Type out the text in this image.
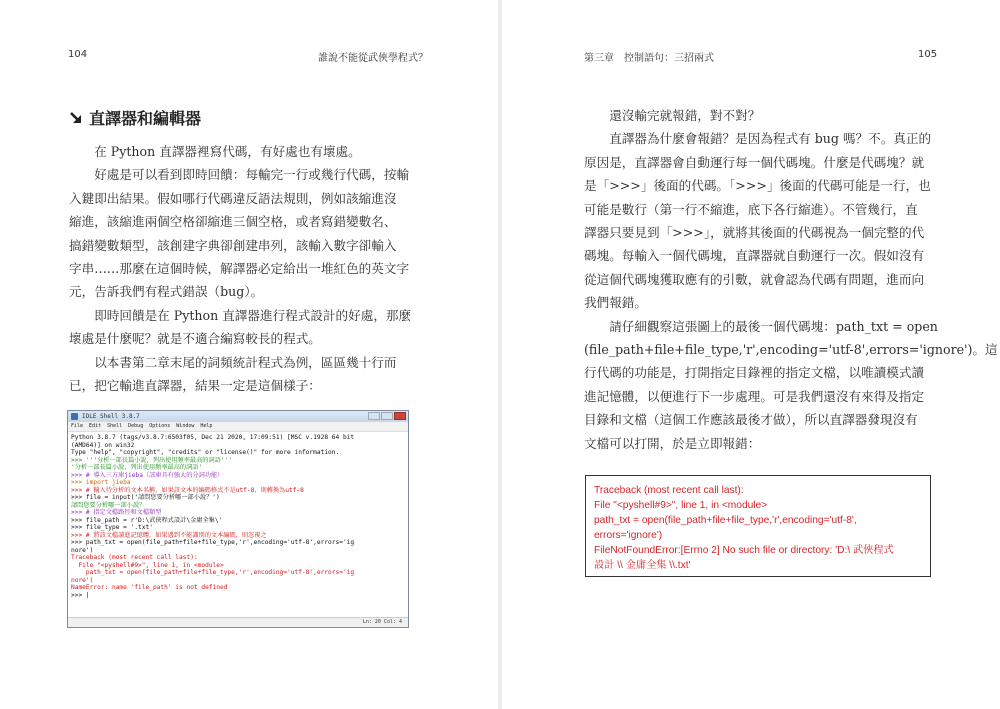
104	誰說不能從武俠學程式？
直譯器和編輯器

在 Python 直譯器裡寫代碼，有好處也有壞處。

好處是可以看到即時回饋：每輸完一行或幾行代碼，按輸
入鍵即出結果。假如哪行代碼違反語法規則，例如該縮進沒
縮進，該縮進兩個空格卻縮進三個空格，或者寫錯變數名、
搞錯變數類型，該創建字典卻創建串列，該輸入數字卻輸入
字串……那麼在這個時候，解譯器必定給出一堆紅色的英文字
元，告訴我們有程式錯誤（bug）。

即時回饋是在 Python 直譯器進行程式設計的好處，那麼
壞處是什麼呢？就是不適合編寫較長的程式。

以本書第二章末尾的詞頻統計程式為例，區區幾十行而
已，把它輸進直譯器，結果一定是這個樣子：

IDLE Shell 3.8.7
File Edit Shell Debug Options Window Help
Python 3.8.7 (tags/v3.8.7:6503f05, Dec 21 2020, 17:09:51) [MSC v.1928 64 bit
(AMD64)] on win32
Type "help", "copyright", "credits" or "license()" for more information.
>>> '''分析一部長篇小說，列出使用頻率最高的詞語'''
'分析一部長篇小說，列出使用頻率最高的詞語'
>>> # 導入三方庫jieba（該庫具有強大的分詞功能）
>>> import jieba
>>> # 輸入待分析的文本名稱，如果該文本的編碼格式不是utf-8，則轉換為utf-8
>>> file = input('請問您要分析哪一部小說？')
請問您要分析哪一部小說？
>>> # 指定文檔路徑和文檔類型
>>> file_path = r'D:\武俠程式設計\金庸全集\'
>>> file_type = '.txt'
>>> # 將該文檔讀進記憶體，如果遇到不能識別的文本編碼，則忽視之
>>> path_txt = open(file_path+file+file_type,'r',encoding='utf-8',errors='ig
nore')
Traceback (most recent call last):
File "<pyshell#9>", line 1, in <module>
path_txt = open(file_path+file+file_type,'r',encoding='utf-8',errors='ig
nore')
NameError: name 'file_path' is not defined
>>> |
Ln: 20 Col: 4
第三章　控制語句：三招兩式	105

還沒輸完就報錯，對不對？

直譯器為什麼會報錯？是因為程式有 bug 嗎？不。真正的
原因是，直譯器會自動運行每一個代碼塊。什麼是代碼塊？就
是「>>>」後面的代碼。「>>>」後面的代碼可能是一行，也
可能是數行（第一行不縮進，底下各行縮進）。不管幾行，直
譯器只要見到「>>>」，就將其後面的代碼視為一個完整的代
碼塊。每輸入一個代碼塊，直譯器就自動運行一次。假如沒有
從這個代碼塊獲取應有的引數，就會認為代碼有問題，進而向
我們報錯。

請仔細觀察這張圖上的最後一個代碼塊：path_txt = open
(file_path+file+file_type,'r',encoding='utf-8',errors='ignore')。這
行代碼的功能是，打開指定目錄裡的指定文檔，以唯讀模式讀
進記憶體，以便進行下一步處理。可是我們還沒有來得及指定
目錄和文檔（這個工作應該最後才做），所以直譯器發現沒有
文檔可以打開，於是立即報錯：

Traceback (most recent call last):
File "<pyshell#9>", line 1, in <module>
path_txt = open(file_path+file+file_type,'r',encoding='utf-8',
errors='ignore')
FileNotFoundError:[Errno 2] No such file or directory: 'D:\ 武俠程式
設計 \\ 金庸全集 \\.txt'
